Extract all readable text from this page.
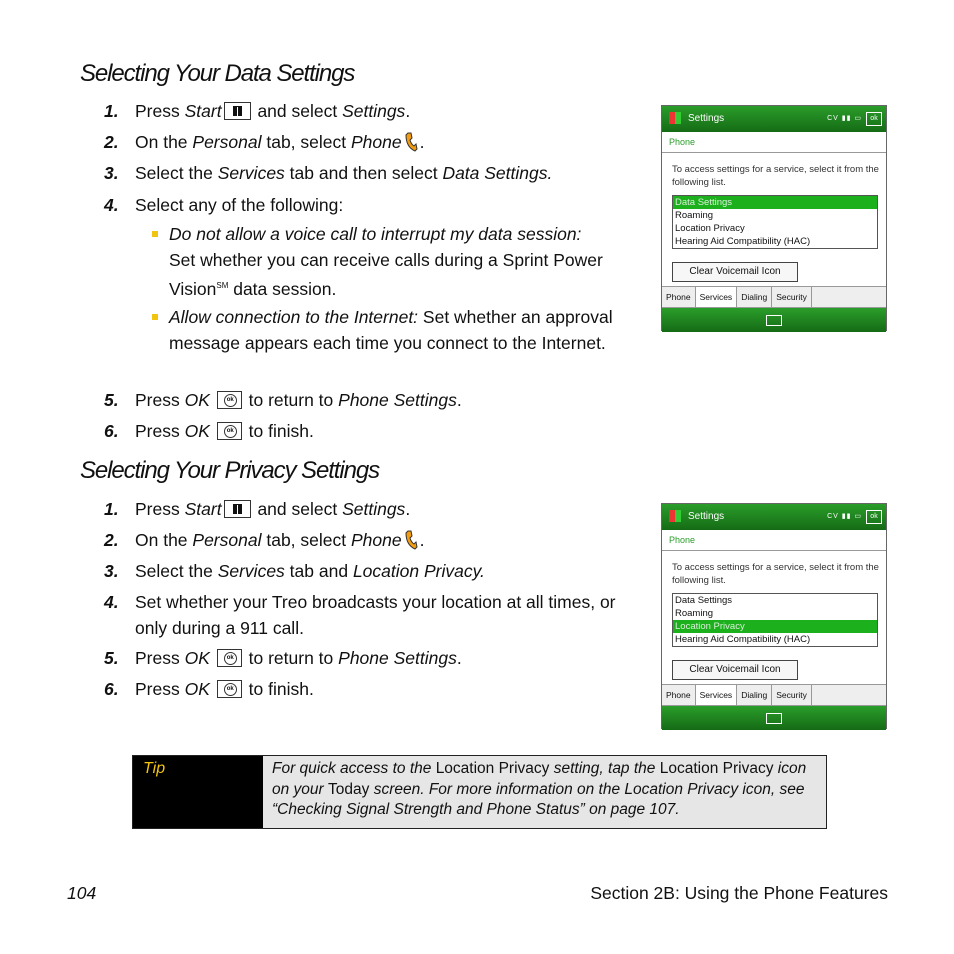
Selecting Your Data Settings
1. Press Start and select Settings.
2. On the Personal tab, select Phone .
3. Select the Services tab and then select Data Settings.
4. Select any of the following:
Do not allow a voice call to interrupt my data session:
Set whether you can receive calls during a Sprint Power Vision℠ data session.
Allow connection to the Internet: Set whether an approval message appears each time you connect to the Internet.
5. Press OK ok to return to Phone Settings.
6. Press OK ok to finish.
Settings	CV ▮▮ ▭	ok
Phone
To access settings for a service, select it from the following list.
Data Settings
Roaming
Location Privacy
Hearing Aid Compatibility (HAC)
Clear Voicemail Icon
Phone	Services	Dialing	Security
Selecting Your Privacy Settings
1. Press Start and select Settings.
2. On the Personal tab, select Phone .
3. Select the Services tab and Location Privacy.
4. Set whether your Treo broadcasts your location at all times, or only during a 911 call.
5. Press OK ok to return to Phone Settings.
6. Press OK ok to finish.
Settings	CV ▮▮ ▭	ok
Phone
To access settings for a service, select it from the following list.
Data Settings
Roaming
Location Privacy
Hearing Aid Compatibility (HAC)
Clear Voicemail Icon
Phone	Services	Dialing	Security
Tip	For quick access to the Location Privacy setting, tap the Location Privacy icon on your Today screen. For more information on the Location Privacy icon, see “Checking Signal Strength and Phone Status” on page 107.
104	Section 2B: Using the Phone Features
